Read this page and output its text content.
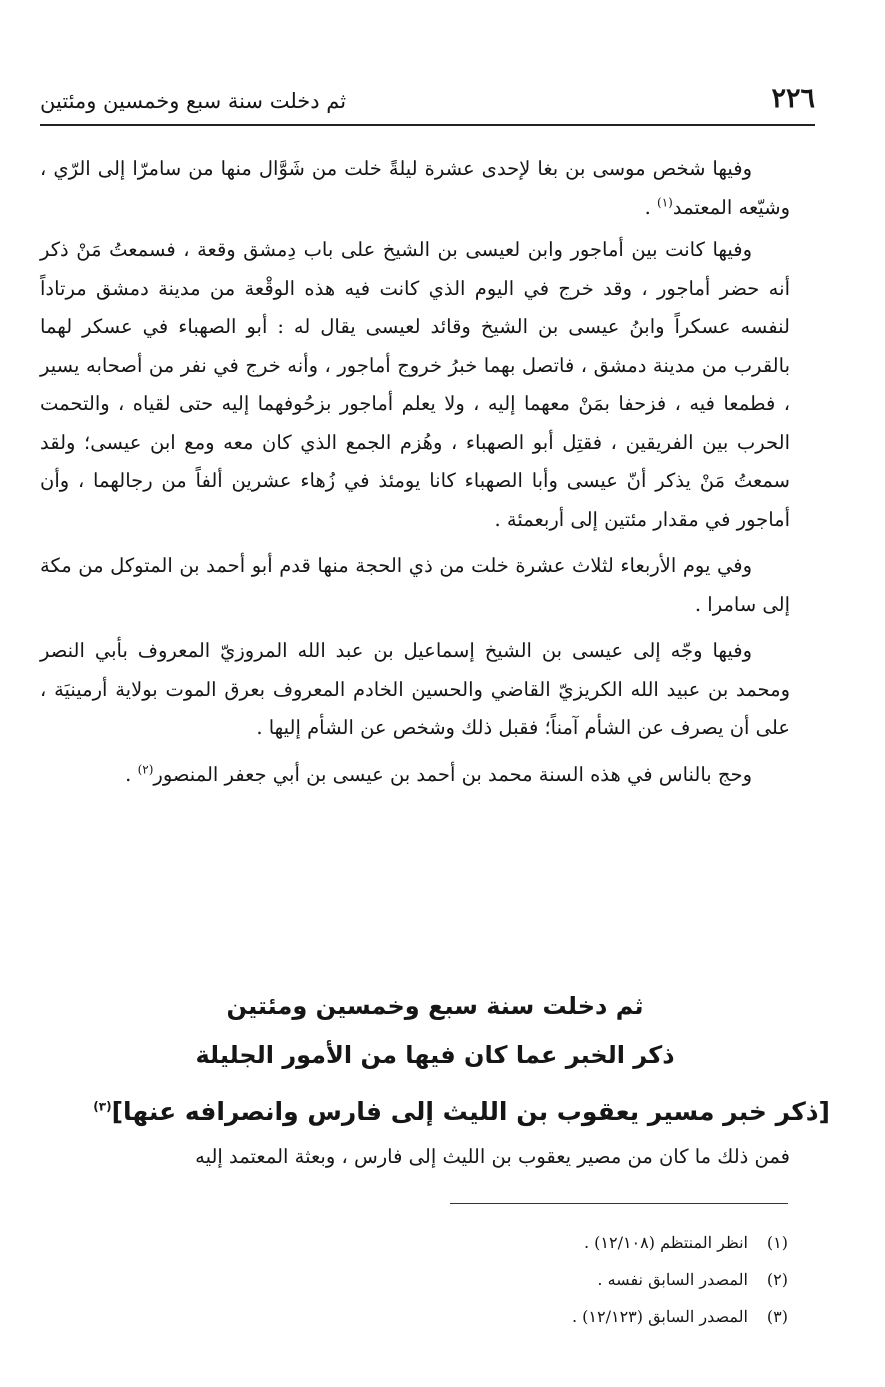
٢٢٦
ثم دخلت سنة سبع وخمسين ومئتين

وفيها شخص موسى بن بغا لإحدى عشرة ليلةً خلت من شَوَّال منها من سامرّا إلى الرّي ، وشيّعه المعتمد$^{(١)}$ .

وفيها كانت بين أماجور وابن لعيسى بن الشيخ على باب دِمشق وقعة ، فسمعتُ مَنْ ذكر أنه حضر أماجور ، وقد خرج في اليوم الذي كانت فيه هذه الوقْعة من مدينة دمشق مرتاداً لنفسه عسكراً وابنُ عيسى بن الشيخ وقائد لعيسى يقال له : أبو الصهباء في عسكر لهما بالقرب من مدينة دمشق ، فاتصل بهما خبرُ خروج أماجور ، وأنه خرج في نفر من أصحابه يسير ، فطمعا فيه ، فزحفا بمَنْ معهما إليه ، ولا يعلم أماجور بزحُوفهما إليه حتى لقياه ، والتحمت الحرب بين الفريقين ، فقتِل أبو الصهباء ، وهُزم الجمع الذي كان معه ومع ابن عيسى؛ ولقد سمعتُ مَنْ يذكر أنّ عيسى وأبا الصهباء كانا يومئذ في زُهاء عشرين ألفاً من رجالهما ، وأن أماجور في مقدار مئتين إلى أربعمئة .

وفي يوم الأربعاء لثلاث عشرة خلت من ذي الحجة منها قدم أبو أحمد بن المتوكل من مكة إلى سامرا .

وفيها وجّه إلى عيسى بن الشيخ إسماعيل بن عبد الله المروزيّ المعروف بأبي النصر ومحمد بن عبيد الله الكريزيّ القاضي والحسين الخادم المعروف بعرق الموت بولاية أرمينيَة ، على أن يصرف عن الشأم آمناً؛ فقبل ذلك وشخص عن الشأم إليها .

وحج بالناس في هذه السنة محمد بن أحمد بن عيسى بن أبي جعفر المنصور$^{(٢)}$ .

ثم دخلت سنة سبع وخمسين ومئتين
ذكر الخبر عما كان فيها من الأمور الجليلة
[ذكر خبر مسير يعقوب بن الليث إلى فارس وانصرافه عنها]$^{(٣)}$
فمن ذلك ما كان من مصير يعقوب بن الليث إلى فارس ، وبعثة المعتمد إليه
(١)انظر المنتظم (١٢/١٠٨) .
(٢)المصدر السابق نفسه .
(٣)المصدر السابق (١٢/١٢٣) .
